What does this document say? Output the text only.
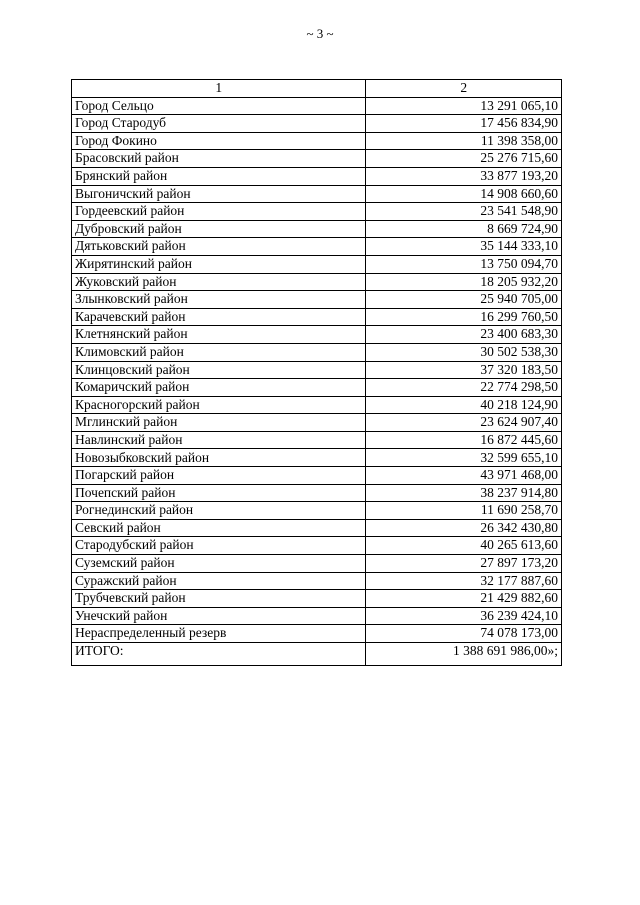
~ 3 ~
1	2
Город Сельцо	13 291 065,10
Город Стародуб	17 456 834,90
Город Фокино	11 398 358,00
Брасовский район	25 276 715,60
Брянский район	33 877 193,20
Выгоничский район	14 908 660,60
Гордеевский район	23 541 548,90
Дубровский район	8 669 724,90
Дятьковский район	35 144 333,10
Жирятинский район	13 750 094,70
Жуковский район	18 205 932,20
Злынковский район	25 940 705,00
Карачевский район	16 299 760,50
Клетнянский район	23 400 683,30
Климовский район	30 502 538,30
Клинцовский район	37 320 183,50
Комаричский район	22 774 298,50
Красногорский район	40 218 124,90
Мглинский район	23 624 907,40
Навлинский район	16 872 445,60
Новозыбковский район	32 599 655,10
Погарский район	43 971 468,00
Почепский район	38 237 914,80
Рогнединский район	11 690 258,70
Севский район	26 342 430,80
Стародубский район	40 265 613,60
Суземский район	27 897 173,20
Суражский район	32 177 887,60
Трубчевский район	21 429 882,60
Унечский район	36 239 424,10
Нераспределенный резерв	74 078 173,00
ИТОГО:	1 388 691 986,00»;
